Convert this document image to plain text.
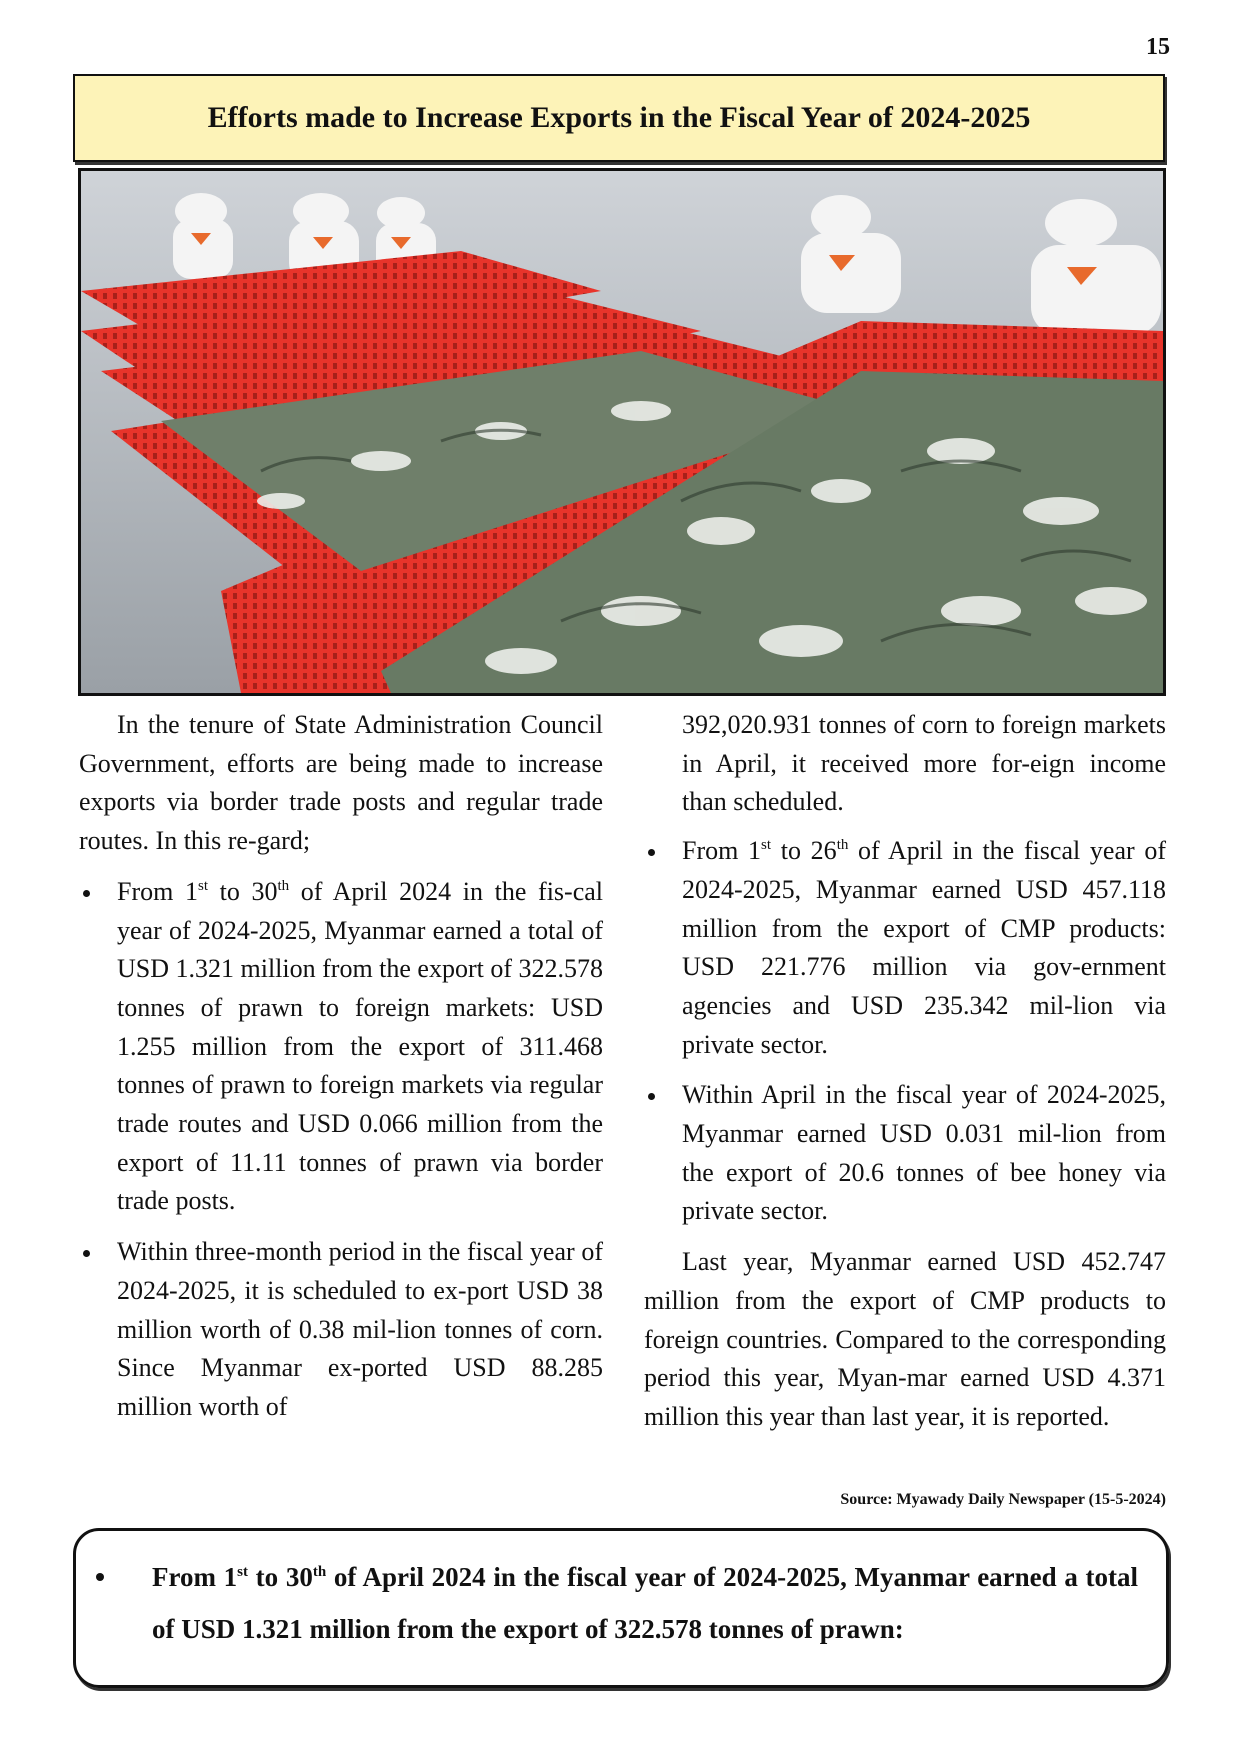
15
Efforts made to Increase Exports in the Fiscal Year of 2024-2025

In the tenure of State Administration Council Government, efforts are being made to increase exports via border trade posts and regular trade routes. In this re-gard;

From 1st to 30th of April 2024 in the fis-cal year of 2024-2025, Myanmar earned a total of USD 1.321 million from the export of 322.578 tonnes of prawn to foreign markets: USD 1.255 million from the export of 311.468 tonnes of prawn to foreign markets via regular trade routes and USD 0.066 million from the export of 11.11 tonnes of prawn via border trade posts.
Within three-month period in the fiscal year of 2024-2025, it is scheduled to ex-port USD 38 million worth of 0.38 mil-lion tonnes of corn. Since Myanmar ex-ported USD 88.285 million worth of

392,020.931 tonnes of corn to foreign markets in April, it received more for-eign income than scheduled.

From 1st to 26th of April in the fiscal year of 2024-2025, Myanmar earned USD 457.118 million from the export of CMP products: USD 221.776 million via gov-ernment agencies and USD 235.342 mil-lion via private sector.
Within April in the fiscal year of 2024-2025, Myanmar earned USD 0.031 mil-lion from the export of 20.6 tonnes of bee honey via private sector.

Last year, Myanmar earned USD 452.747 million from the export of CMP products to foreign countries. Compared to the corresponding period this year, Myan-mar earned USD 4.371 million this year than last year, it is reported.

Source: Myawady Daily Newspaper (15-5-2024)

From 1st to 30th of April 2024 in the fiscal year of 2024-2025, Myanmar earned a total of USD 1.321 million from the export of 322.578 tonnes of prawn:
